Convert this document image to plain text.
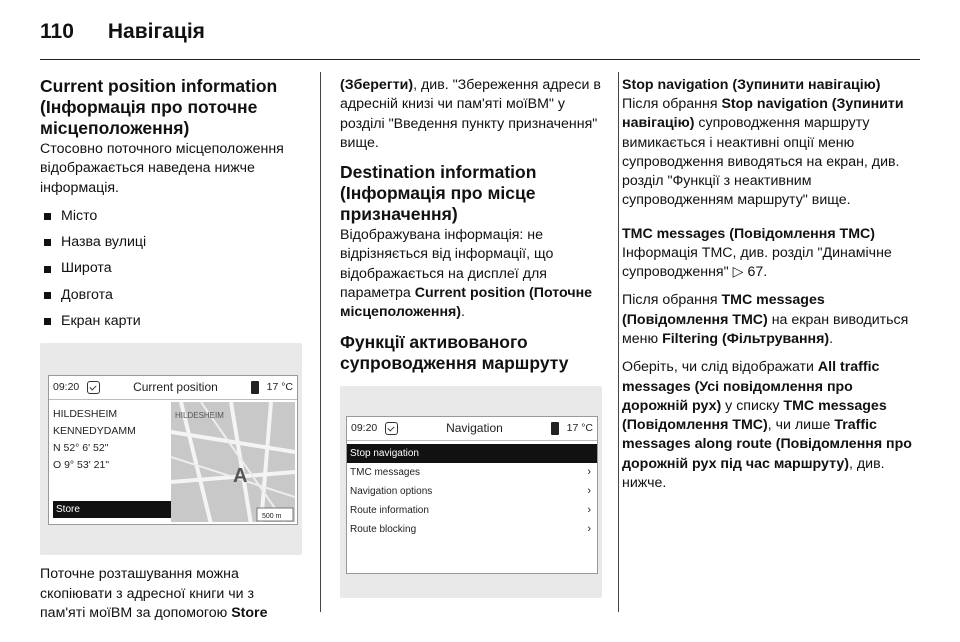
110 Навігація
Current position information (Інформація про поточне місцеположення)

Стосовно поточного місцеположення відображається наведена нижче інформація.

Місто
Назва вулиці
Широта
Довгота
Екран карти
09:20	Current position	17 °C
HILDESHEIM
KENNEDYDAMM
N 52° 6' 52"
O 9° 53' 21"
Store
HILDESHEIM
A
500 m

Поточне розташування можна скопіювати з адресної книги чи з пам'яті моїВМ за допомогою Store

(Зберегти), див. "Збереження адреси в адресній книзі чи пам'яті моїВМ" у розділі "Введення пункту призначення" вище.

Destination information (Інформація про місце призначення)

Відображувана інформація: не відрізняється від інформації, що відображається на дисплеї для параметра Current position (Поточне місцеположення).

Функції активованого супроводження маршруту
09:20	Navigation	17 °C
Stop navigation
TMC messages	›
Navigation options	›
Route information	›
Route blocking	›
Stop navigation (Зупинити навігацію)

Після обрання Stop navigation (Зупинити навігацію) супроводження маршруту вимикається і неактивні опції меню супроводження виводяться на екран, див. розділ "Функції з неактивним супроводженням маршруту" вище.

TMC messages (Повідомлення TMC)

Інформація TMC, див. розділ "Динамічне супроводження" ▷ 67.

Після обрання TMC messages (Повідомлення TMC) на екран виводиться меню Filtering (Фільтрування).

Оберіть, чи слід відображати All traffic messages (Усі повідомлення про дорожній рух) у списку TMC messages (Повідомлення TMC), чи лише Traffic messages along route (Повідомлення про дорожній рух під час маршруту), див. нижче.
